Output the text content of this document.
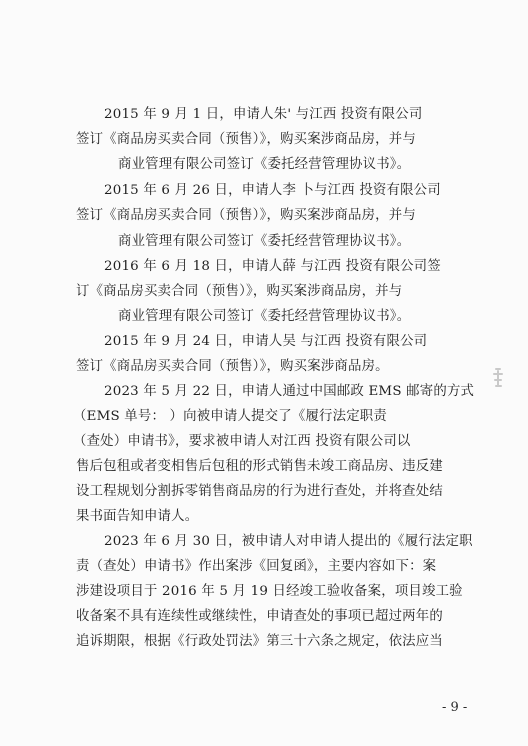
2015 年 9 月 1 日，申请人朱' 与江西 投资有限公司
签订《商品房买卖合同（预售）》，购买案涉商品房，并与
商业管理有限公司签订《委托经营管理协议书》。
2015 年 6 月 26 日，申请人李 卜与江西 投资有限公司
签订《商品房买卖合同（预售）》，购买案涉商品房，并与
商业管理有限公司签订《委托经营管理协议书》。
2016 年 6 月 18 日，申请人薛 与江西 投资有限公司签
订《商品房买卖合同（预售）》，购买案涉商品房，并与
商业管理有限公司签订《委托经营管理协议书》。
2015 年 9 月 24 日，申请人吴 与江西 投资有限公司
签订《商品房买卖合同（预售）》，购买案涉商品房。
2023 年 5 月 22 日，申请人通过中国邮政 EMS 邮寄的方式
（EMS 单号： ）向被申请人提交了《履行法定职责
（查处）申请书》，要求被申请人对江西 投资有限公司以
售后包租或者变相售后包租的形式销售未竣工商品房、违反建
设工程规划分割拆零销售商品房的行为进行查处，并将查处结
果书面告知申请人。
2023 年 6 月 30 日，被申请人对申请人提出的《履行法定职
责（查处）申请书》作出案涉《回复函》，主要内容如下：案
涉建设项目于 2016 年 5 月 19 日经竣工验收备案，项目竣工验
收备案不具有连续性或继续性，申请查处的事项已超过两年的
追诉期限，根据《行政处罚法》第三十六条之规定，依法应当
- 9 -
